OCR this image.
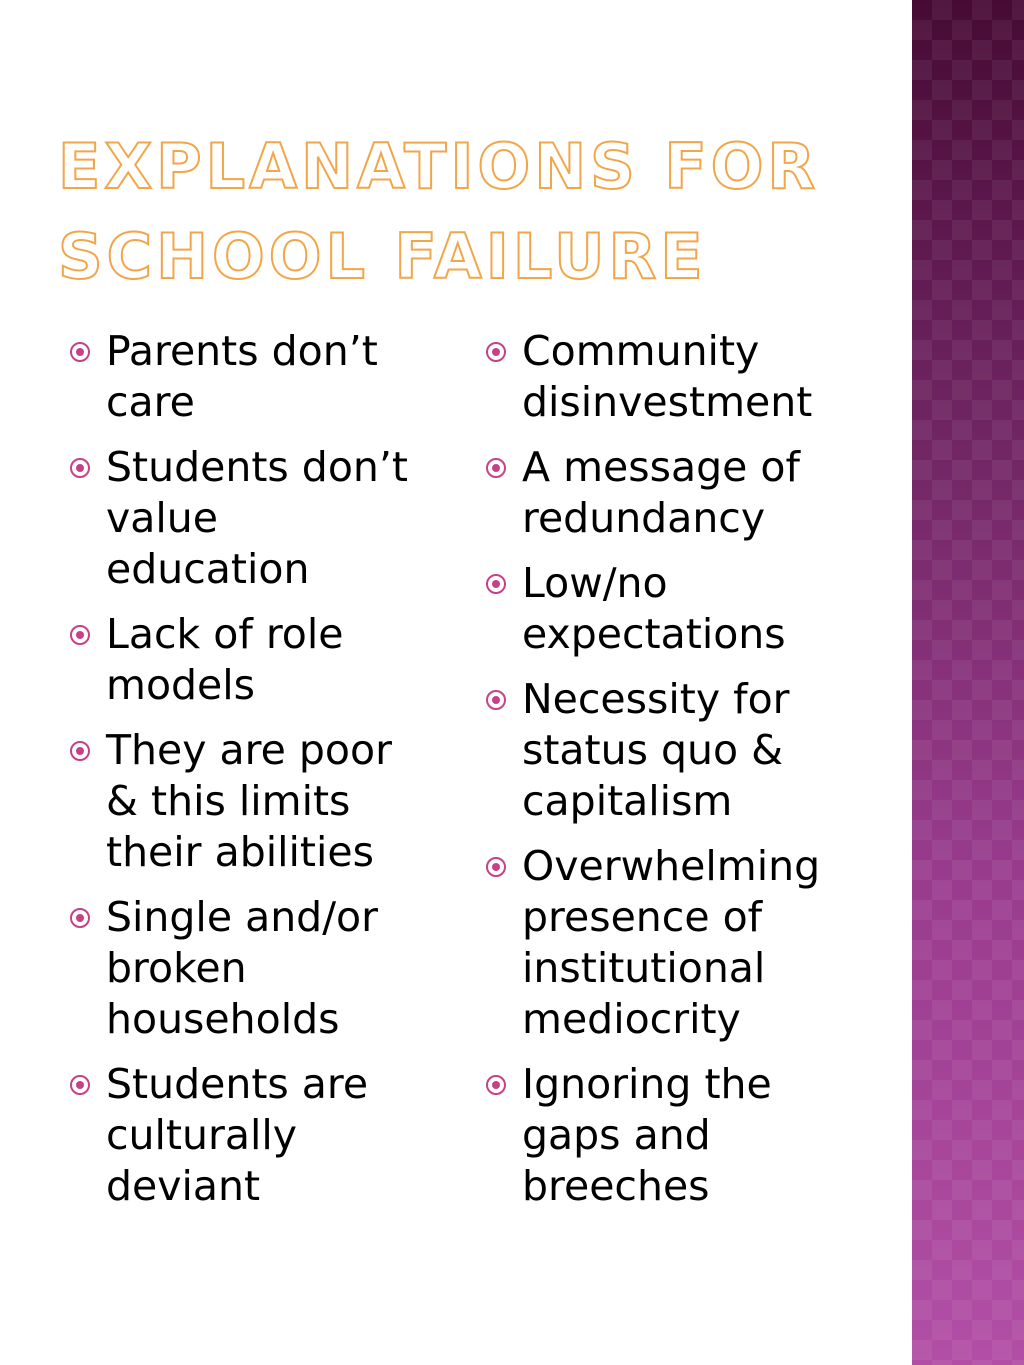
EXPLANATIONS FOR
SCHOOL FAILURE
Parents don’t
care
Students don’t
value
education
Lack of role
models
They are poor
& this limits
their abilities
Single and/or
broken
households
Students are
culturally
deviant
Community
disinvestment
A message of
redundancy
Low/no
expectations
Necessity for
status quo &
capitalism
Overwhelming
presence of
institutional
mediocrity
Ignoring the
gaps and
breeches
